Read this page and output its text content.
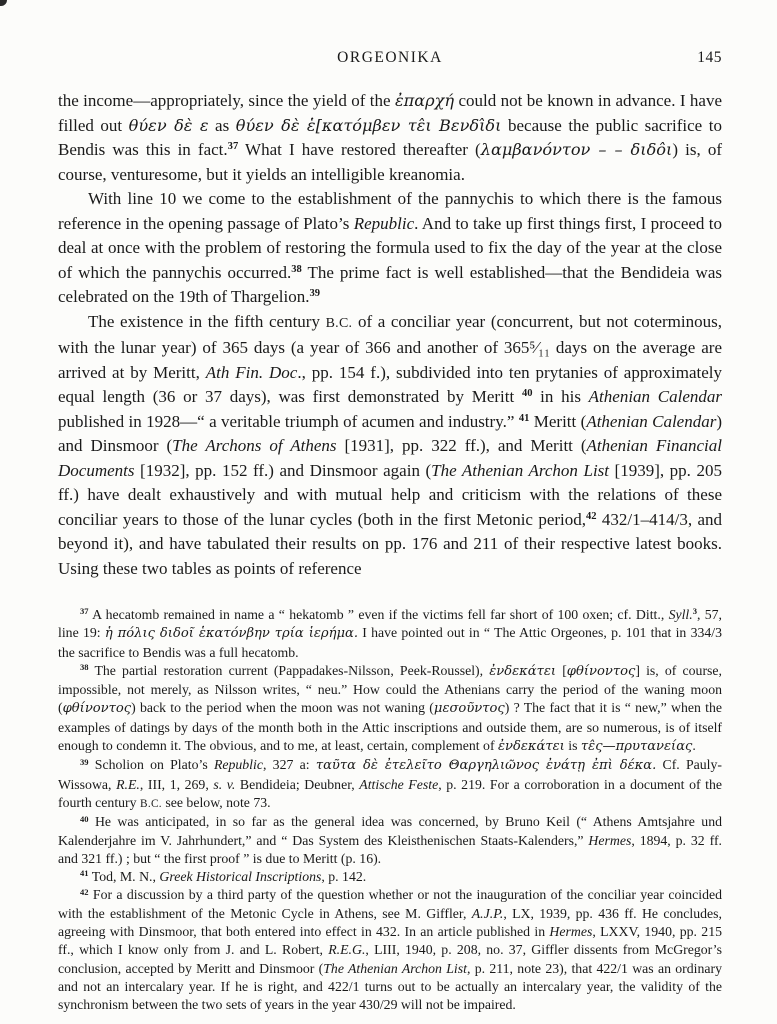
ORGEONIKA	145

the income—appropriately, since the yield of the ἐπαρχή could not be known in advance. I have filled out θύεν δὲ ε as θύεν δὲ ἑ[κατόμβεν τε̂ι Βενδι̂δι because the public sacrifice to Bendis was this in fact.$^{37}$ What I have restored thereafter (λαμβανόντον – – διδο̂ι) is, of course, venturesome, but it yields an intelligible kreanomia.

With line 10 we come to the establishment of the pannychis to which there is the famous reference in the opening passage of Plato’s Republic. And to take up first things first, I proceed to deal at once with the problem of restoring the formula used to fix the day of the year at the close of which the pannychis occurred.$^{38}$ The prime fact is well established—that the Bendideia was celebrated on the 19th of Thargelion.$^{39}$

The existence in the fifth century B.C. of a conciliar year (concurrent, but not coterminous, with the lunar year) of 365 days (a year of 366 and another of 365⁵⁄₁₁ days on the average are arrived at by Meritt, Ath Fin. Doc., pp. 154 f.), subdivided into ten prytanies of approximately equal length (36 or 37 days), was first demonstrated by Meritt $^{40}$ in his Athenian Calendar published in 1928—“ a veritable triumph of acumen and industry.” $^{41}$ Meritt (Athenian Calendar) and Dinsmoor (The Archons of Athens [1931], pp. 322 ff.), and Meritt (Athenian Financial Documents [1932], pp. 152 ff.) and Dinsmoor again (The Athenian Archon List [1939], pp. 205 ff.) have dealt exhaustively and with mutual help and criticism with the relations of these conciliar years to those of the lunar cycles (both in the first Metonic period,$^{42}$ 432/1–414/3, and beyond it), and have tabulated their results on pp. 176 and 211 of their respective latest books. Using these two tables as points of reference

$^{37}$ A hecatomb remained in name a “ hekatomb ” even if the victims fell far short of 100 oxen; cf. Ditt., Syll.$^3$, 57, line 19: ἡ πόλις διδοῖ ἑκατόνβην τρία ἱερήμα. I have pointed out in “ The Attic Orgeones, p. 101 that in 334/3 the sacrifice to Bendis was a full hecatomb.

$^{38}$ The partial restoration current (Pappadakes-Nilsson, Peek-Roussel), ἐνδεκάτει [φθίνοντος] is, of course, impossible, not merely, as Nilsson writes, “ neu.” How could the Athenians carry the period of the waning moon (φθίνοντος) back to the period when the moon was not waning (μεσοῦντος) ? The fact that it is “ new,” when the examples of datings by days of the month both in the Attic inscriptions and outside them, are so numerous, is of itself enough to condemn it. The obvious, and to me, at least, certain, complement of ἐνδεκάτει is τε̂ς—πρυτανείας.

$^{39}$ Scholion on Plato’s Republic, 327 a: ταῦτα δὲ ἐτελεῖτο Θαργηλιῶνος ἐνάτῃ ἐπὶ δέκα. Cf. Pauly-Wissowa, R.E., III, 1, 269, s. v. Bendideia; Deubner, Attische Feste, p. 219. For a corroboration in a document of the fourth century B.C. see below, note 73.

$^{40}$ He was anticipated, in so far as the general idea was concerned, by Bruno Keil (“ Athens Amtsjahre und Kalenderjahre im V. Jahrhundert,” and “ Das System des Kleisthenischen Staats-Kalenders,” Hermes, 1894, p. 32 ff. and 321 ff.) ; but “ the first proof ” is due to Meritt (p. 16).

$^{41}$ Tod, M. N., Greek Historical Inscriptions, p. 142.

$^{42}$ For a discussion by a third party of the question whether or not the inauguration of the conciliar year coincided with the establishment of the Metonic Cycle in Athens, see M. Giffler, A.J.P., LX, 1939, pp. 436 ff. He concludes, agreeing with Dinsmoor, that both entered into effect in 432. In an article published in Hermes, LXXV, 1940, pp. 215 ff., which I know only from J. and L. Robert, R.E.G., LIII, 1940, p. 208, no. 37, Giffler dissents from McGregor’s conclusion, accepted by Meritt and Dinsmoor (The Athenian Archon List, p. 211, note 23), that 422/1 was an ordinary and not an intercalary year. If he is right, and 422/1 turns out to be actually an intercalary year, the validity of the synchronism between the two sets of years in the year 430/29 will not be impaired.
